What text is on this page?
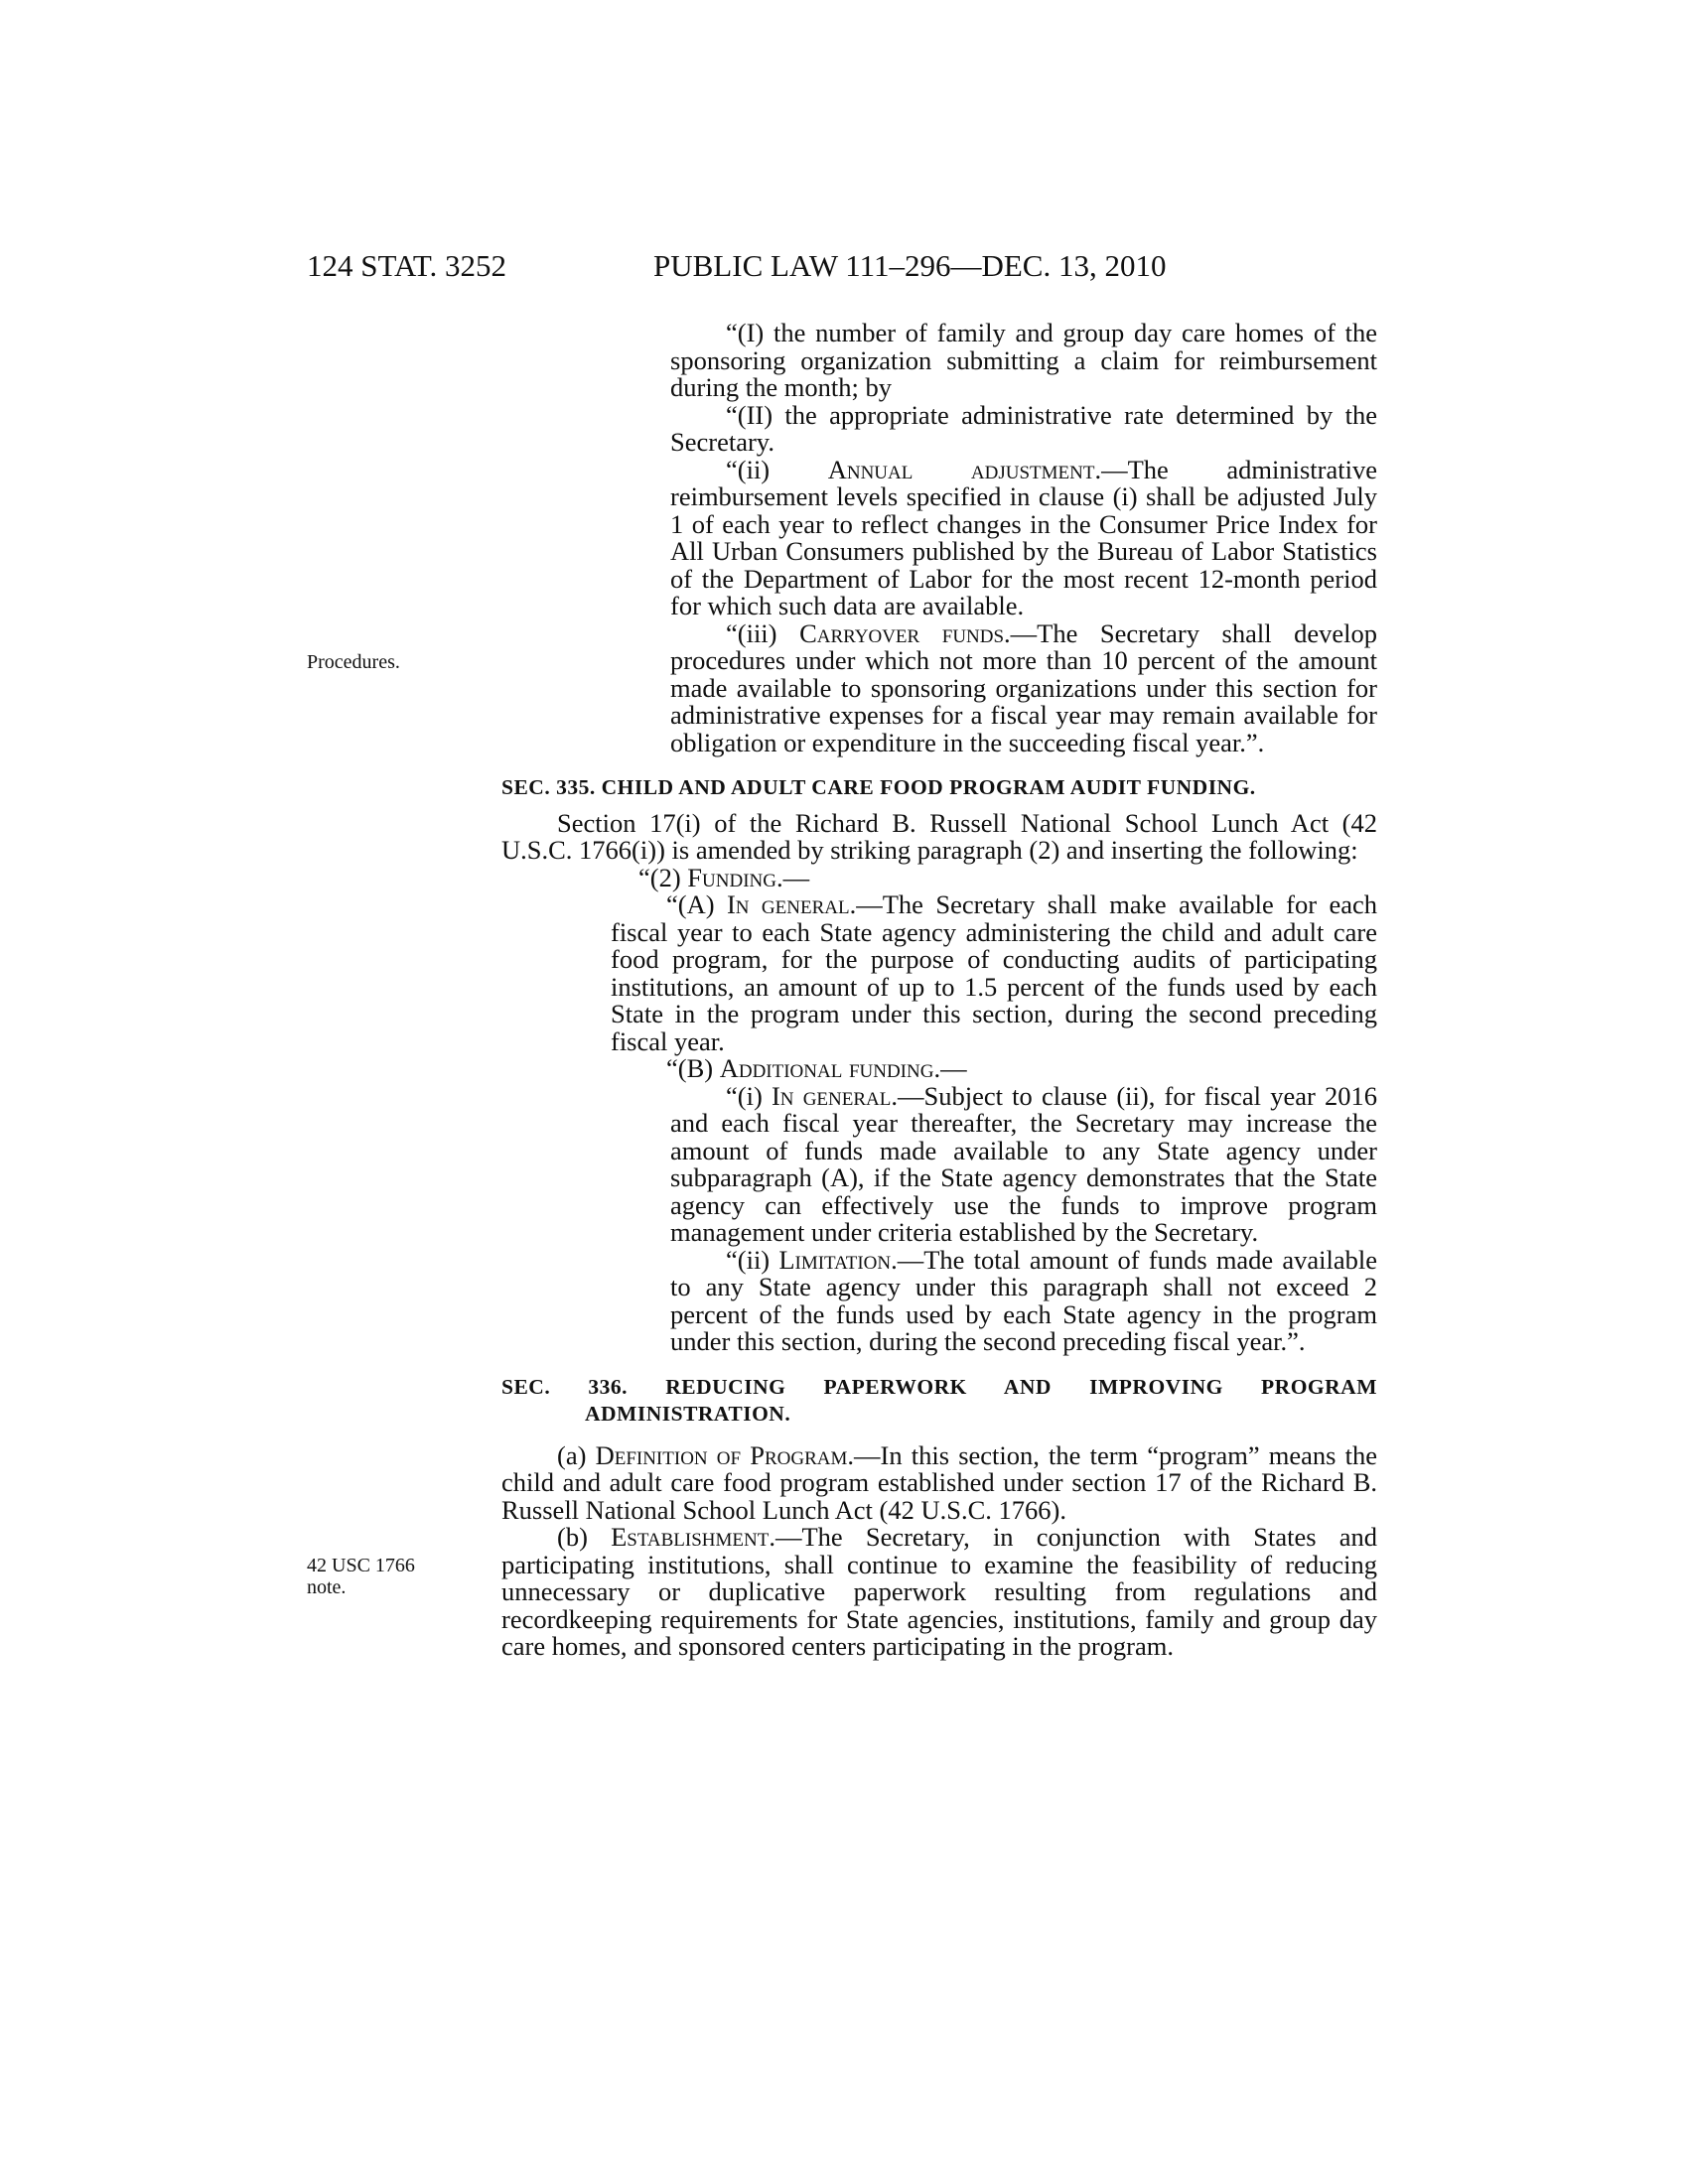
124 STAT. 3252	PUBLIC LAW 111–296—DEC. 13, 2010
Procedures.
42 USC 1766
note.

“(I) the number of family and group day care homes of the sponsoring organization submitting a claim for reimbursement during the month; by

“(II) the appropriate administrative rate determined by the Secretary.

“(ii) Annual adjustment.—The administrative reimbursement levels specified in clause (i) shall be adjusted July 1 of each year to reflect changes in the Consumer Price Index for All Urban Consumers published by the Bureau of Labor Statistics of the Department of Labor for the most recent 12-month period for which such data are available.

“(iii) Carryover funds.—The Secretary shall develop procedures under which not more than 10 percent of the amount made available to sponsoring organizations under this section for administrative expenses for a fiscal year may remain available for obligation or expenditure in the succeeding fiscal year.”.

SEC. 335. CHILD AND ADULT CARE FOOD PROGRAM AUDIT FUNDING.

Section 17(i) of the Richard B. Russell National School Lunch Act (42 U.S.C. 1766(i)) is amended by striking paragraph (2) and inserting the following:

“(2) Funding.—

“(A) In general.—The Secretary shall make available for each fiscal year to each State agency administering the child and adult care food program, for the purpose of conducting audits of participating institutions, an amount of up to 1.5 percent of the funds used by each State in the program under this section, during the second preceding fiscal year.

“(B) Additional funding.—

“(i) In general.—Subject to clause (ii), for fiscal year 2016 and each fiscal year thereafter, the Secretary may increase the amount of funds made available to any State agency under subparagraph (A), if the State agency demonstrates that the State agency can effectively use the funds to improve program management under criteria established by the Secretary.

“(ii) Limitation.—The total amount of funds made available to any State agency under this paragraph shall not exceed 2 percent of the funds used by each State agency in the program under this section, during the second preceding fiscal year.”.

SEC. 336. REDUCING PAPERWORK AND IMPROVING PROGRAM ADMINISTRATION.

(a) Definition of Program.—In this section, the term “program” means the child and adult care food program established under section 17 of the Richard B. Russell National School Lunch Act (42 U.S.C. 1766).

(b) Establishment.—The Secretary, in conjunction with States and participating institutions, shall continue to examine the feasibility of reducing unnecessary or duplicative paperwork resulting from regulations and recordkeeping requirements for State agencies, institutions, family and group day care homes, and sponsored centers participating in the program.
